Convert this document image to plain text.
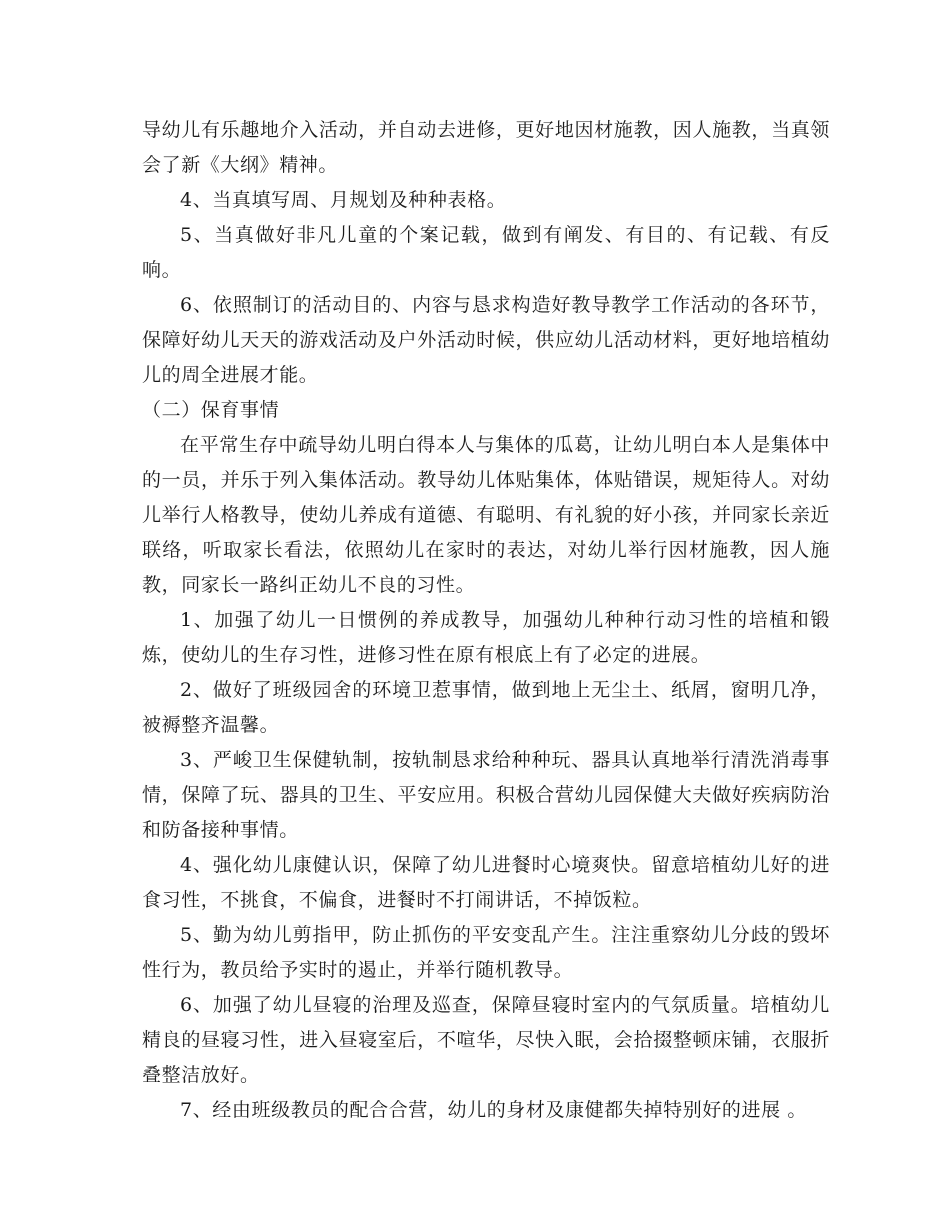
导幼儿有乐趣地介入活动，并自动去进修，更好地因材施教，因人施教，当真领会了新《大纲》精神。

4、当真填写周、月规划及种种表格。

5、当真做好非凡儿童的个案记载，做到有阐发、有目的、有记载、有反响。

6、依照制订的活动目的、内容与恳求构造好教导教学工作活动的各环节，保障好幼儿天天的游戏活动及户外活动时候，供应幼儿活动材料，更好地培植幼儿的周全进展才能。

（二）保育事情

在平常生存中疏导幼儿明白得本人与集体的瓜葛，让幼儿明白本人是集体中的一员，并乐于列入集体活动。教导幼儿体贴集体，体贴错误，规矩待人。对幼儿举行人格教导，使幼儿养成有道德、有聪明、有礼貌的好小孩，并同家长亲近联络，听取家长看法，依照幼儿在家时的表达，对幼儿举行因材施教，因人施教，同家长一路纠正幼儿不良的习性。

1、加强了幼儿一日惯例的养成教导，加强幼儿种种行动习性的培植和锻炼，使幼儿的生存习性，进修习性在原有根底上有了必定的进展。

2、做好了班级园舍的环境卫惹事情，做到地上无尘土、纸屑，窗明几净，被褥整齐温馨。

3、严峻卫生保健轨制，按轨制恳求给种种玩、器具认真地举行清洗消毒事情，保障了玩、器具的卫生、平安应用。积极合营幼儿园保健大夫做好疾病防治和防备接种事情。

4、强化幼儿康健认识，保障了幼儿进餐时心境爽快。留意培植幼儿好的进食习性，不挑食，不偏食，进餐时不打闹讲话，不掉饭粒。

5、勤为幼儿剪指甲，防止抓伤的平安变乱产生。注注重察幼儿分歧的毁坏性行为，教员给予实时的遏止，并举行随机教导。

6、加强了幼儿昼寝的治理及巡查，保障昼寝时室内的气氛质量。培植幼儿精良的昼寝习性，进入昼寝室后，不喧华，尽快入眠，会拾掇整顿床铺，衣服折叠整洁放好。

7、经由班级教员的配合合营，幼儿的身材及康健都失掉特别好的进展 。
